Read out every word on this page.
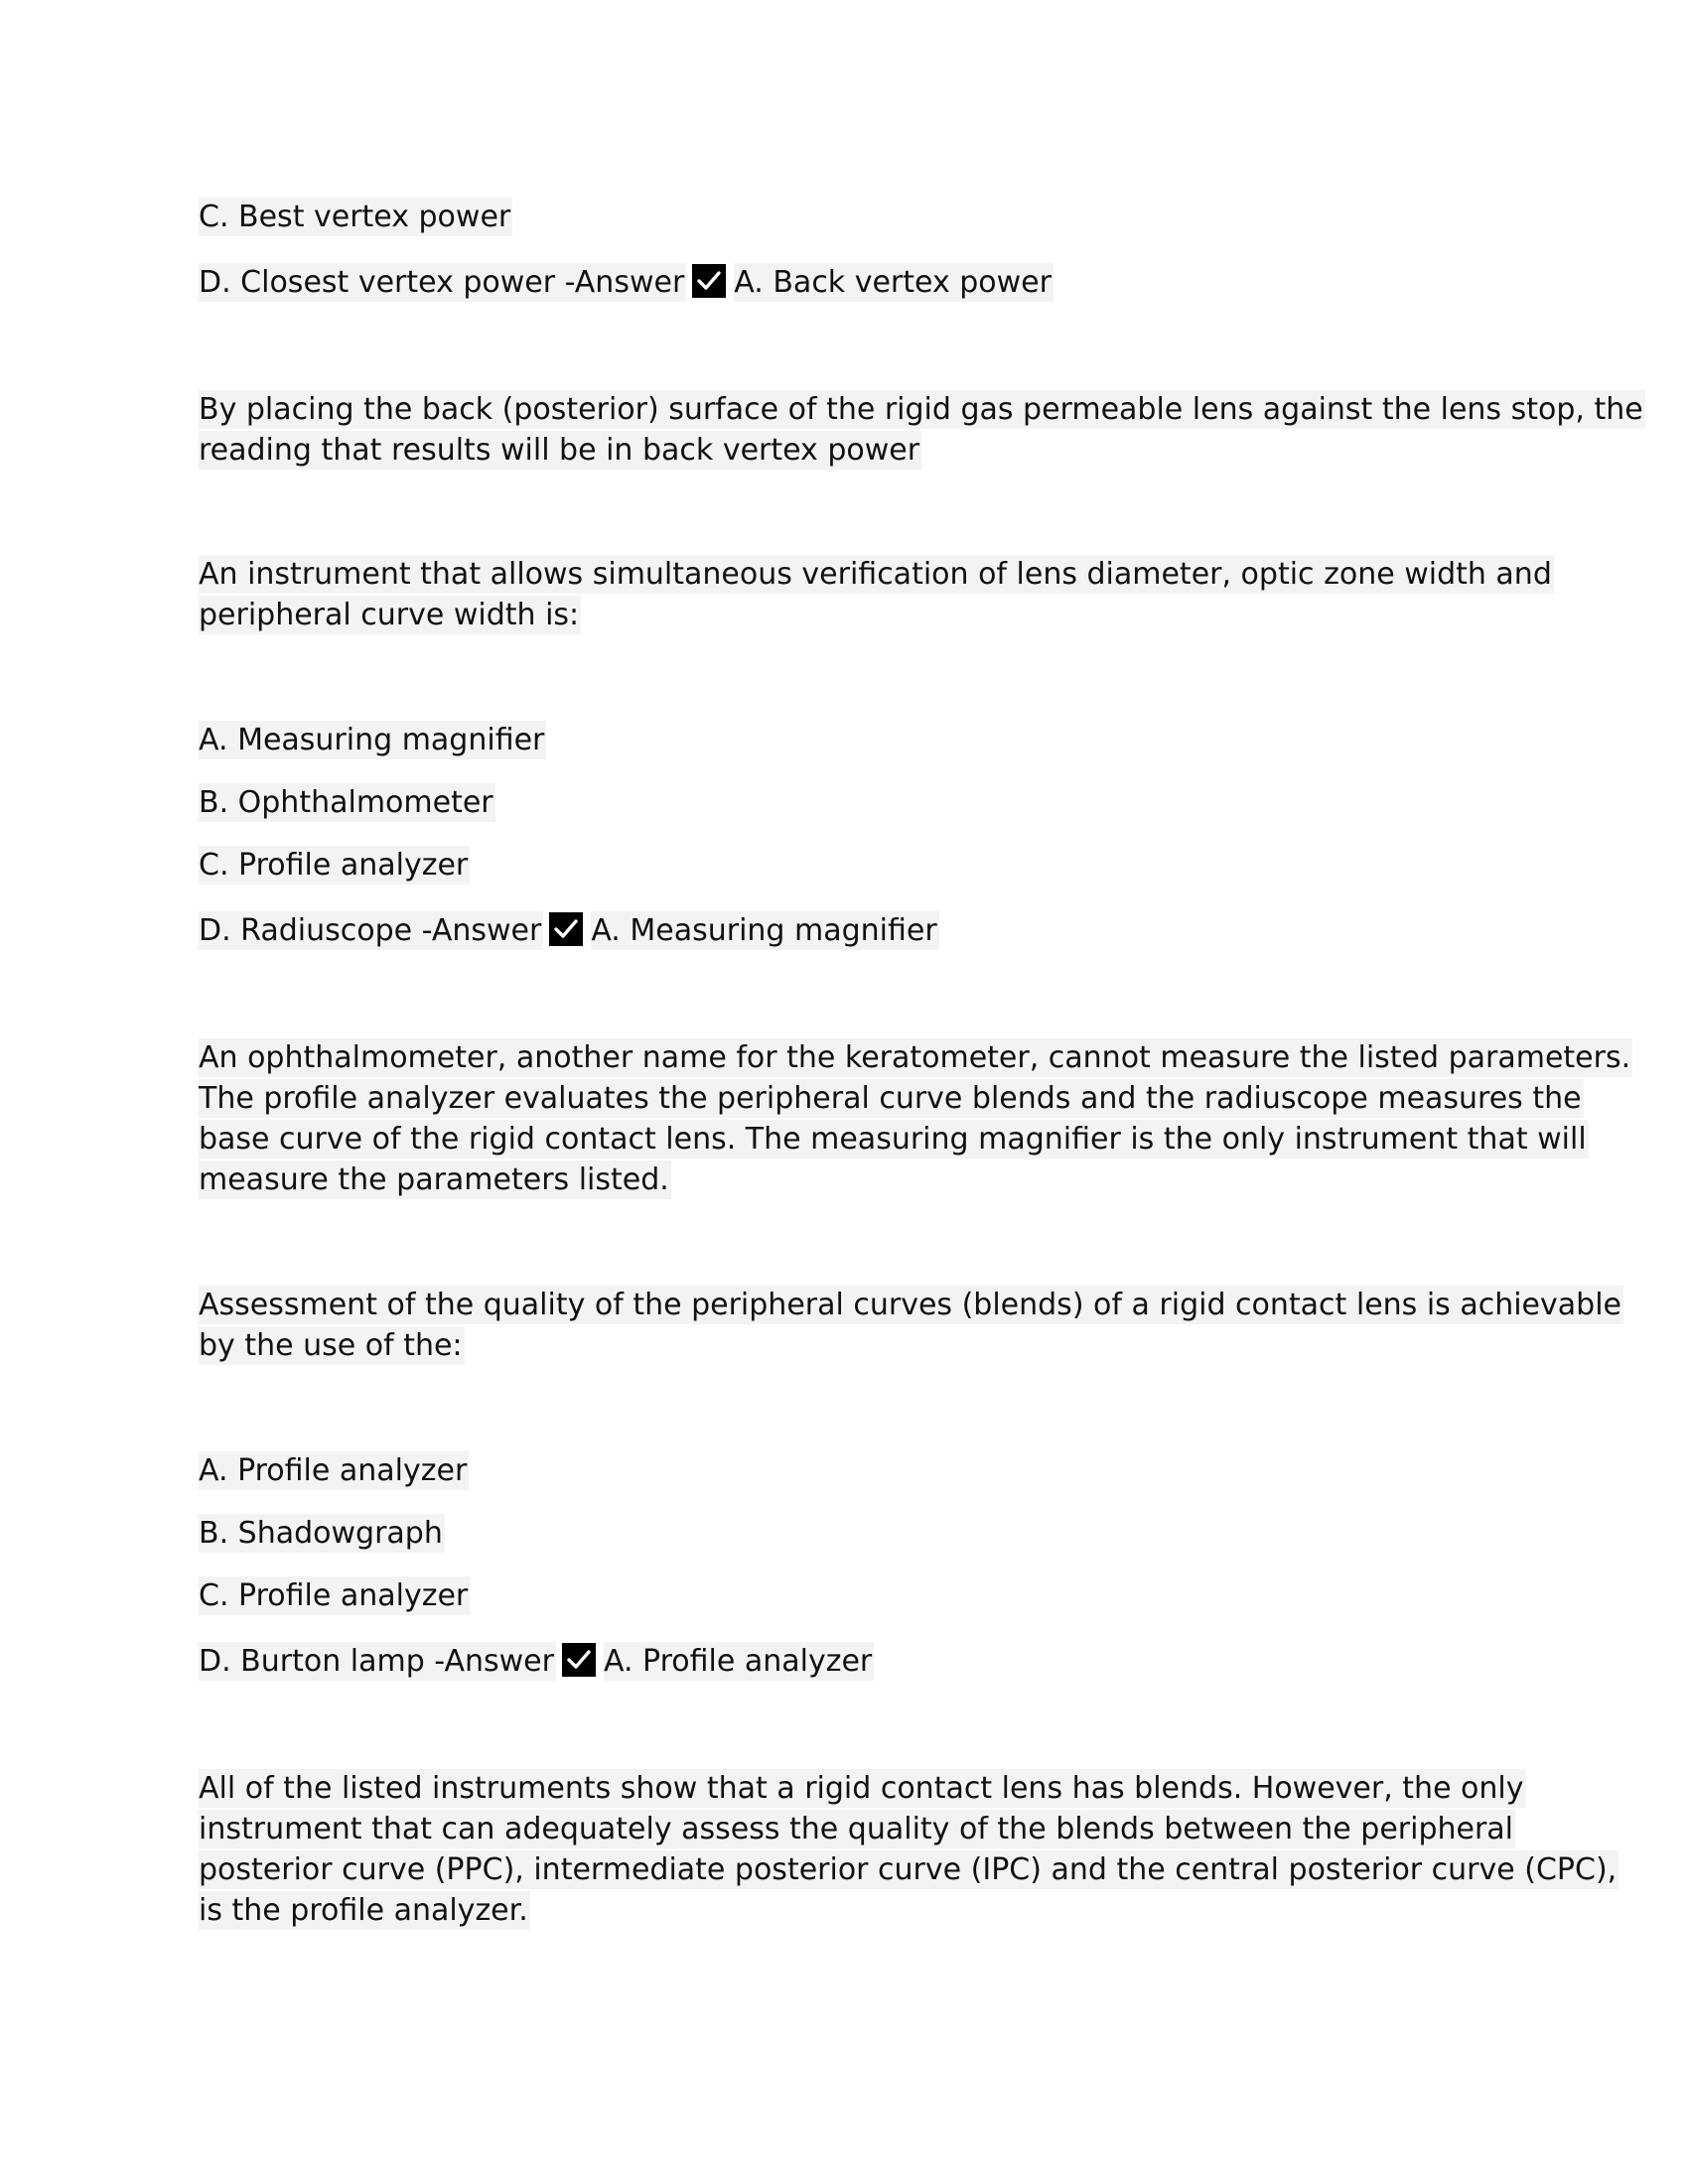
C. Best vertex power
D. Closest vertex power -Answer A. Back vertex power
By placing the back (posterior) surface of the rigid gas permeable lens against the lens stop, the
reading that results will be in back vertex power
An instrument that allows simultaneous verification of lens diameter, optic zone width and
peripheral curve width is:
A. Measuring magnifier
B. Ophthalmometer
C. Profile analyzer
D. Radiuscope -Answer A. Measuring magnifier
An ophthalmometer, another name for the keratometer, cannot measure the listed parameters.
The profile analyzer evaluates the peripheral curve blends and the radiuscope measures the
base curve of the rigid contact lens. The measuring magnifier is the only instrument that will
measure the parameters listed.
Assessment of the quality of the peripheral curves (blends) of a rigid contact lens is achievable
by the use of the:
A. Profile analyzer
B. Shadowgraph
C. Profile analyzer
D. Burton lamp -Answer A. Profile analyzer
All of the listed instruments show that a rigid contact lens has blends. However, the only
instrument that can adequately assess the quality of the blends between the peripheral
posterior curve (PPC), intermediate posterior curve (IPC) and the central posterior curve (CPC),
is the profile analyzer.
